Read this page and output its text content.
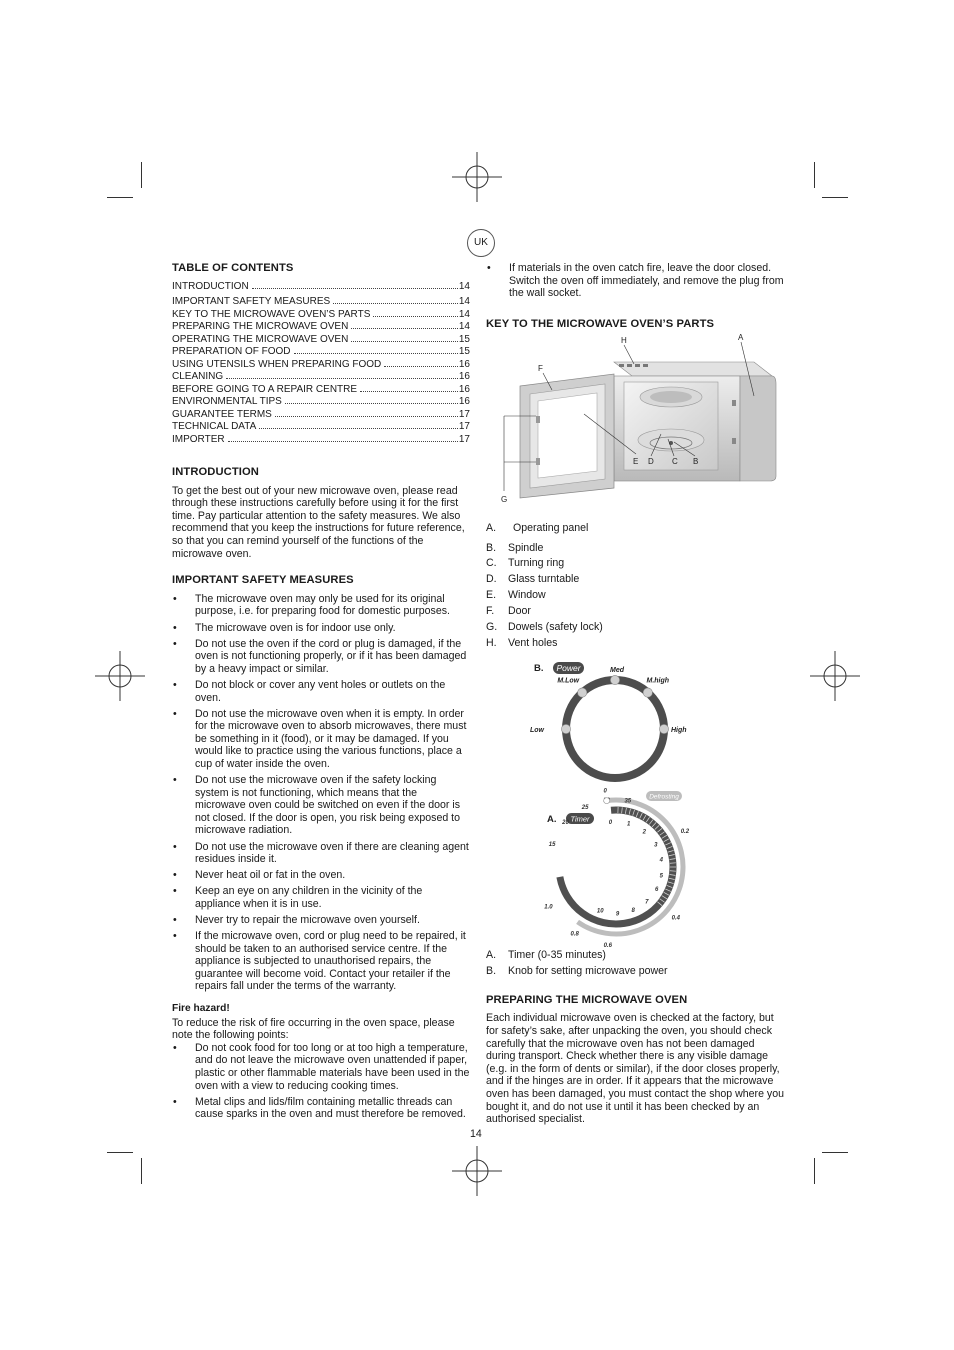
UK
TABLE OF CONTENTS
INTRODUCTION	14
IMPORTANT SAFETY MEASURES	14
KEY TO THE MICROWAVE OVEN’S PARTS	14
PREPARING THE MICROWAVE OVEN	14
OPERATING THE MICROWAVE OVEN	15
PREPARATION OF FOOD	15
USING UTENSILS WHEN PREPARING FOOD	16
CLEANING	16
BEFORE GOING TO A REPAIR CENTRE	16
ENVIRONMENTAL TIPS	16
GUARANTEE TERMS	17
TECHNICAL DATA	17
IMPORTER	17
INTRODUCTION

To get the best out of your new microwave oven, please read through these instructions carefully before using it for the first time. Pay particular attention to the safety measures. We also recommend that you keep the instructions for future reference, so that you can remind yourself of the functions of the microwave oven.

IMPORTANT SAFETY MEASURES
• The microwave oven may only be used for its original purpose, i.e. for preparing food for domestic purposes.
• The microwave oven is for indoor use only.
• Do not use the oven if the cord or plug is damaged, if the oven is not functioning properly, or if it has been damaged by a heavy impact or similar.
• Do not block or cover any vent holes or outlets on the oven.
• Do not use the microwave oven when it is empty. In order for the microwave oven to absorb microwaves, there must be something in it (food), or it may be damaged. If you would like to practice using the various functions, place a cup of water inside the oven.
• Do not use the microwave oven if the safety locking system is not functioning, which means that the microwave oven could be switched on even if the door is not closed. If the door is open, you risk being exposed to microwave radiation.
• Do not use the microwave oven if there are cleaning agent residues inside it.
• Never heat oil or fat in the oven.
• Keep an eye on any children in the vicinity of the appliance when it is in use.
• Never try to repair the microwave oven yourself.
• If the microwave oven, cord or plug need to be repaired, it should be taken to an authorised service centre. If the appliance is subjected to unauthorised repairs, the guarantee will become void. Contact your retailer if the repairs fall under the terms of the warranty.
Fire hazard!

To reduce the risk of fire occurring in the oven space, please note the following points:

• Do not cook food for too long or at too high a temperature, and do not leave the microwave oven unattended if paper, plastic or other flammable materials have been used in the oven with a view to reducing cooking times.
• Metal clips and lids/film containing metallic threads can cause sparks in the oven and must therefore be removed.
• If materials in the oven catch fire, leave the door closed. Switch the oven off immediately, and remove the plug from the wall socket.
KEY TO THE MICROWAVE OVEN’S PARTS
H	A
F
G
E D C B
A.	Operating panel
B.	Spindle
C.	Turning ring
D.	Glass turntable
E.	Window
F.	Door
G.	Dowels (safety lock)
H.	Vent holes
B. Power
Low
M.Low
Med
M.high
High
A. Timer
Defrosting
0 1
2
3
4
5
6
7
8
9
10
15
20
25
35
0
0.2
0.4
0.6
0.8
1.0
A.	Timer (0-35 minutes)
B.	Knob for setting microwave power
PREPARING THE MICROWAVE OVEN

Each individual microwave oven is checked at the factory, but for safety’s sake, after unpacking the oven, you should check carefully that the microwave oven has not been damaged during transport. Check whether there is any visible damage (e.g. in the form of dents or similar), if the door closes properly, and if the hinges are in order. If it appears that the microwave oven has been damaged, you must contact the shop where you bought it, and do not use it until it has been checked by an authorised specialist.

14
